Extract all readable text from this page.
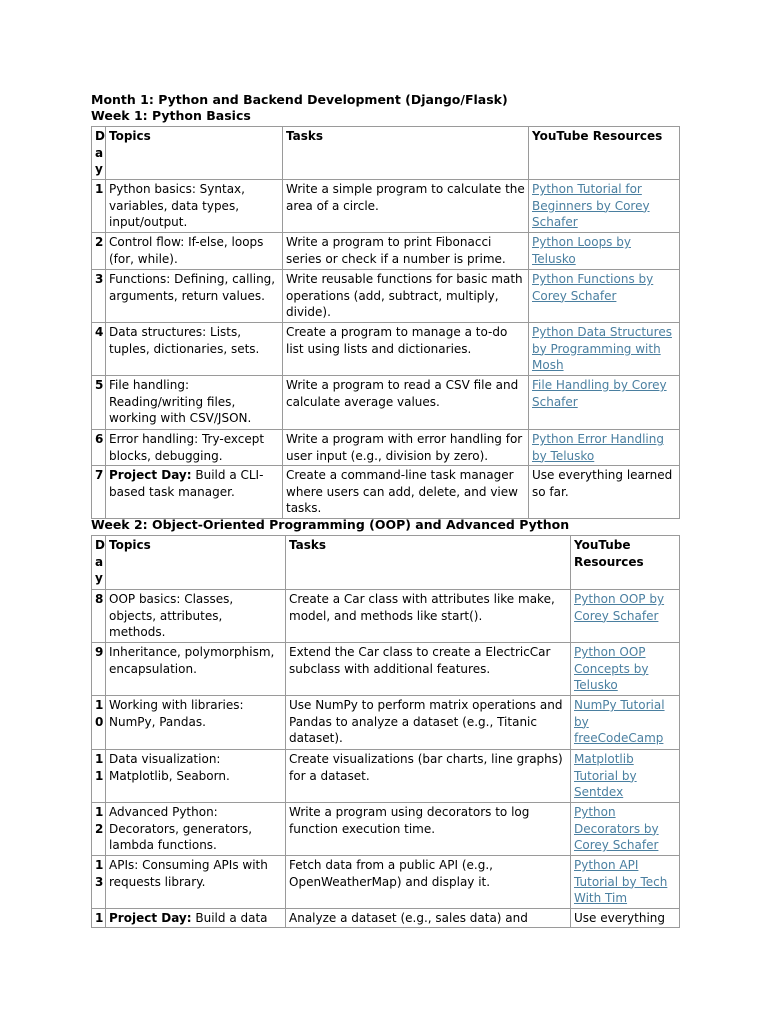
Month 1: Python and Backend Development (Django/Flask)
Week 1: Python Basics
Day	Topics	Tasks	YouTube Resources
1	Python basics: Syntax, variables, data types, input/output.	Write a simple program to calculate the area of a circle.	Python Tutorial for Beginners by Corey Schafer
2	Control flow: If-else, loops (for, while).	Write a program to print Fibonacci series or check if a number is prime.	Python Loops by Telusko
3	Functions: Defining, calling, arguments, return values.	Write reusable functions for basic math operations (add, subtract, multiply, divide).	Python Functions by Corey Schafer
4	Data structures: Lists, tuples, dictionaries, sets.	Create a program to manage a to-do list using lists and dictionaries.	Python Data Structures by Programming with Mosh
5	File handling: Reading/writing files, working with CSV/JSON.	Write a program to read a CSV file and calculate average values.	File Handling by Corey Schafer
6	Error handling: Try-except blocks, debugging.	Write a program with error handling for user input (e.g., division by zero).	Python Error Handling by Telusko
7	Project Day: Build a CLI-based task manager.	Create a command-line task manager where users can add, delete, and view tasks.	Use everything learned so far.
Week 2: Object-Oriented Programming (OOP) and Advanced Python
Day	Topics	Tasks	YouTube Resources
8	OOP basics: Classes, objects, attributes, methods.	Create a Car class with attributes like make, model, and methods like start().	Python OOP by Corey Schafer
9	Inheritance, polymorphism, encapsulation.	Extend the Car class to create a ElectricCar subclass with additional features.	Python OOP Concepts by Telusko
10	Working with libraries: NumPy, Pandas.	Use NumPy to perform matrix operations and Pandas to analyze a dataset (e.g., Titanic dataset).	NumPy Tutorial by freeCodeCamp
11	Data visualization: Matplotlib, Seaborn.	Create visualizations (bar charts, line graphs) for a dataset.	Matplotlib Tutorial by Sentdex
12	Advanced Python: Decorators, generators, lambda functions.	Write a program using decorators to log function execution time.	Python Decorators by Corey Schafer
13	APIs: Consuming APIs with requests library.	Fetch data from a public API (e.g., OpenWeatherMap) and display it.	Python API Tutorial by Tech With Tim
1	Project Day: Build a data	Analyze a dataset (e.g., sales data) and	Use everything
